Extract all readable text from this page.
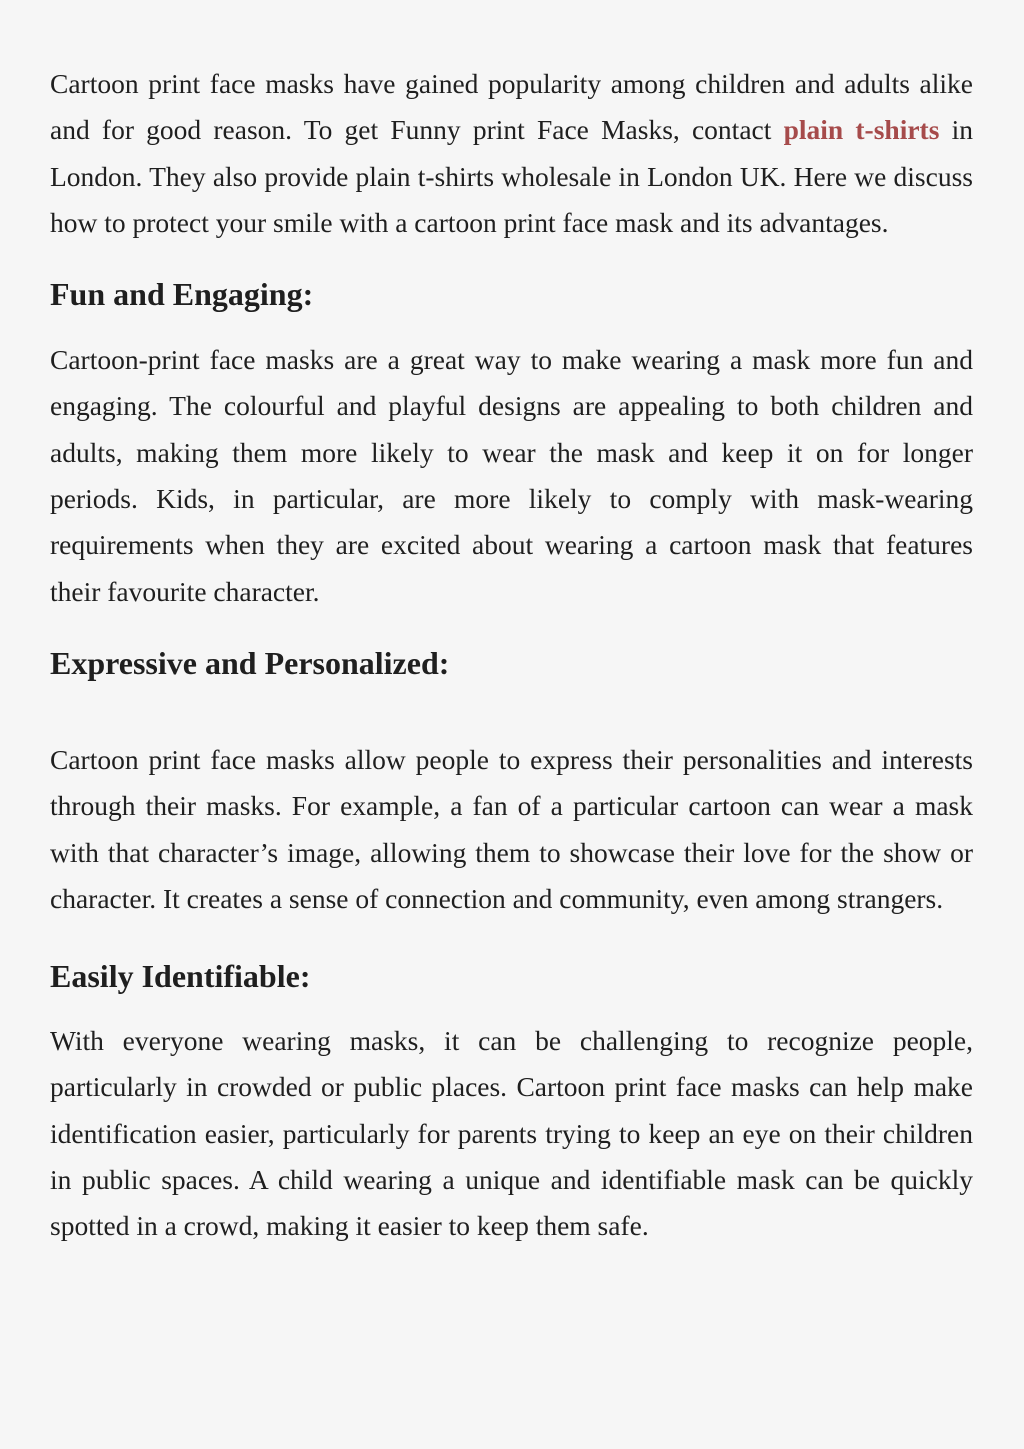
Cartoon print face masks have gained popularity among children and adults alike and for good reason. To get Funny print Face Masks, contact plain t-shirts in London. They also provide plain t-shirts wholesale in London UK. Here we discuss how to protect your smile with a cartoon print face mask and its advantages.

Fun and Engaging:

Cartoon-print face masks are a great way to make wearing a mask more fun and engaging. The colourful and playful designs are appealing to both children and adults, making them more likely to wear the mask and keep it on for longer periods. Kids, in particular, are more likely to comply with mask-wearing requirements when they are excited about wearing a cartoon mask that features their favourite character.

Expressive and Personalized:

Cartoon print face masks allow people to express their personalities and interests through their masks. For example, a fan of a particular cartoon can wear a mask with that character’s image, allowing them to showcase their love for the show or character. It creates a sense of connection and community, even among strangers.

Easily Identifiable:

With everyone wearing masks, it can be challenging to recognize people, particularly in crowded or public places. Cartoon print face masks can help make identification easier, particularly for parents trying to keep an eye on their children in public spaces. A child wearing a unique and identifiable mask can be quickly spotted in a crowd, making it easier to keep them safe.
